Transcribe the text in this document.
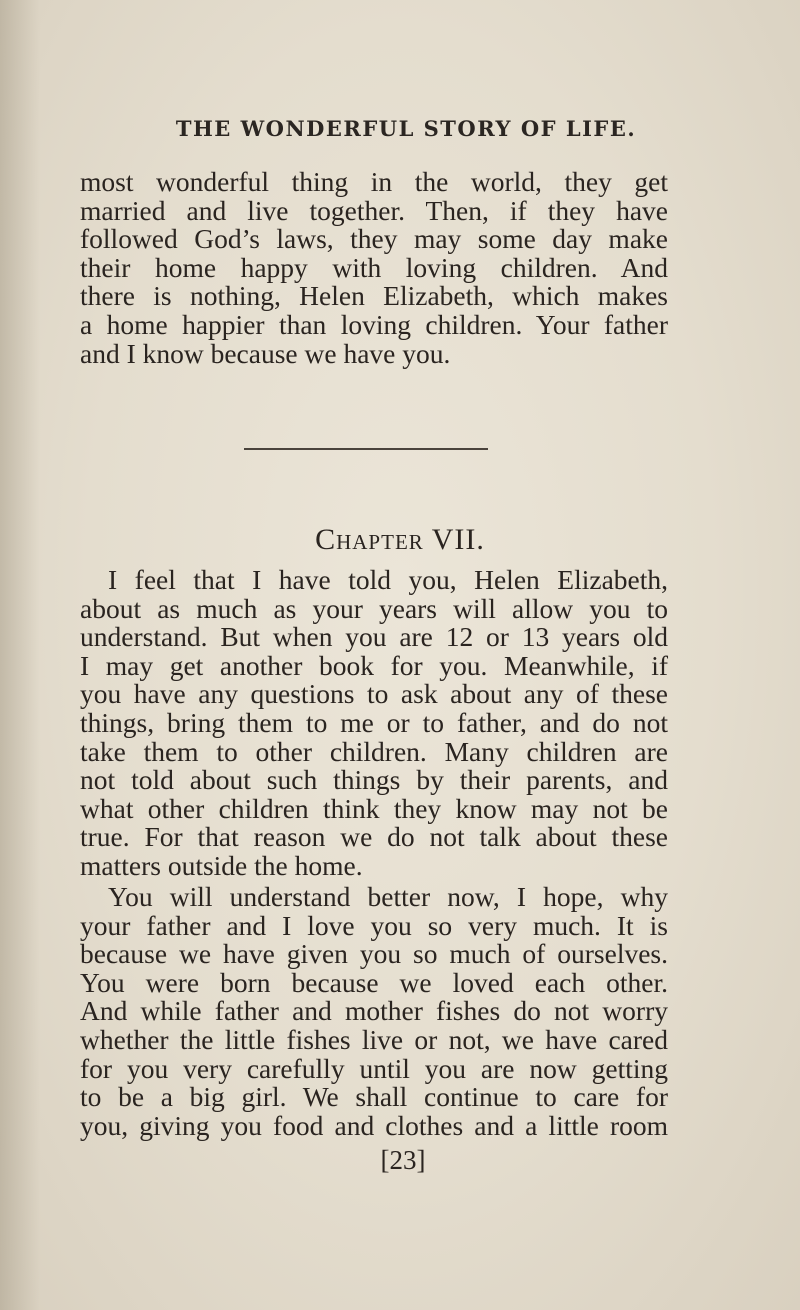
THE WONDERFUL STORY OF LIFE.
most wonderful thing in the world, they get
married and live together. Then, if they have
followed God’s laws, they may some day make
their home happy with loving children. And
there is nothing, Helen Elizabeth, which makes
a home happier than loving children. Your father
and I know because we have you.
Chapter VII.
I feel that I have told you, Helen Elizabeth,
about as much as your years will allow you to
understand. But when you are 12 or 13 years old
I may get another book for you. Meanwhile, if
you have any questions to ask about any of these
things, bring them to me or to father, and do not
take them to other children. Many children are
not told about such things by their parents, and
what other children think they know may not be
true. For that reason we do not talk about these
matters outside the home.
You will understand better now, I hope, why
your father and I love you so very much. It is
because we have given you so much of ourselves.
You were born because we loved each other.
And while father and mother fishes do not worry
whether the little fishes live or not, we have cared
for you very carefully until you are now getting
to be a big girl. We shall continue to care for
you, giving you food and clothes and a little room
[23]
